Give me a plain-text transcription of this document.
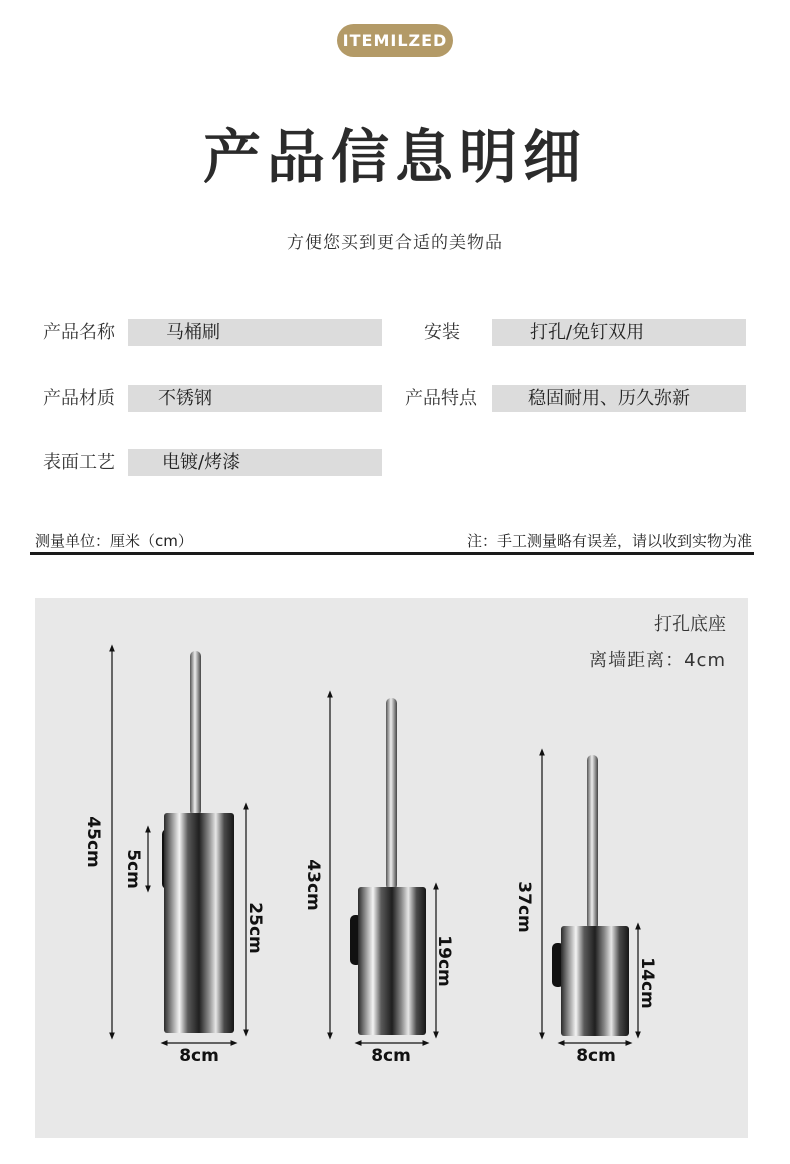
ITEMILZED
产品信息明细
方便您买到更合适的美物品
产品名称	马桶刷	安装	打孔/免钉双用
产品材质	不锈钢	产品特点	稳固耐用、历久弥新
表面工艺	电镀/烤漆
测量单位：厘米（cm）	注：手工测量略有误差，请以收到实物为准
打孔底座
离墙距离：4cm
45cm
5cm
25cm
8cm
43cm
19cm
8cm
37cm
14cm
8cm
